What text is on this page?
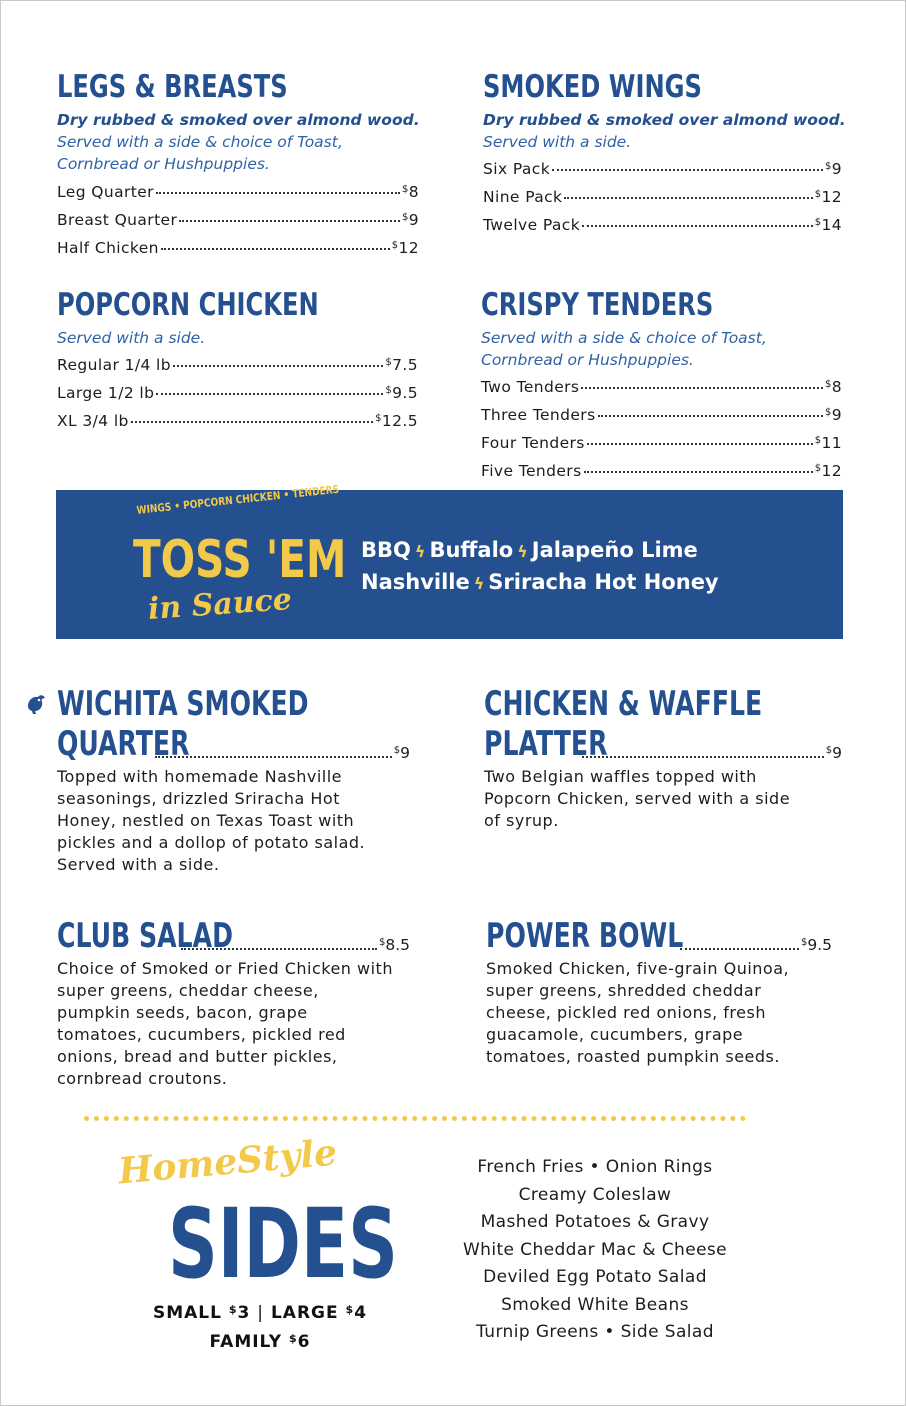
LEGS & BREASTS
Dry rubbed & smoked over almond wood.
Served with a side & choice of Toast, Cornbread or Hushpuppies.
Leg Quarter	$8
Breast Quarter	$9
Half Chicken	$12
SMOKED WINGS
Dry rubbed & smoked over almond wood.
Served with a side.
Six Pack	$9
Nine Pack	$12
Twelve Pack	$14
POPCORN CHICKEN
Served with a side.
Regular 1/4 lb	$7.5
Large 1/2 lb	$9.5
XL 3/4 lb	$12.5
CRISPY TENDERS
Served with a side & choice of Toast, Cornbread or Hushpuppies.
Two Tenders	$8
Three Tenders	$9
Four Tenders	$11
Five Tenders	$12
WINGS • POPCORN CHICKEN • TENDERS
TOSS 'EM
in Sauce
BBQ ϟ Buffalo ϟ Jalapeño Lime
Nashville ϟ Sriracha Hot Honey
WICHITA SMOKED
QUARTER	$9
Topped with homemade Nashville seasonings, drizzled Sriracha Hot Honey, nestled on Texas Toast with pickles and a dollop of potato salad. Served with a side.
CHICKEN & WAFFLE
PLATTER	$9
Two Belgian waffles topped with Popcorn Chicken, served with a side of syrup.
CLUB SALAD	$8.5
Choice of Smoked or Fried Chicken with super greens, cheddar cheese, pumpkin seeds, bacon, grape tomatoes, cucumbers, pickled red onions, bread and butter pickles, cornbread croutons.
POWER BOWL	$9.5
Smoked Chicken, five-grain Quinoa, super greens, shredded cheddar cheese, pickled red onions, fresh guacamole, cucumbers, grape tomatoes, roasted pumpkin seeds.
HomeStyle
SIDES
SMALL $3 | LARGE $4
FAMILY $6
French Fries • Onion Rings
Creamy Coleslaw
Mashed Potatoes & Gravy
White Cheddar Mac & Cheese
Deviled Egg Potato Salad
Smoked White Beans
Turnip Greens • Side Salad
